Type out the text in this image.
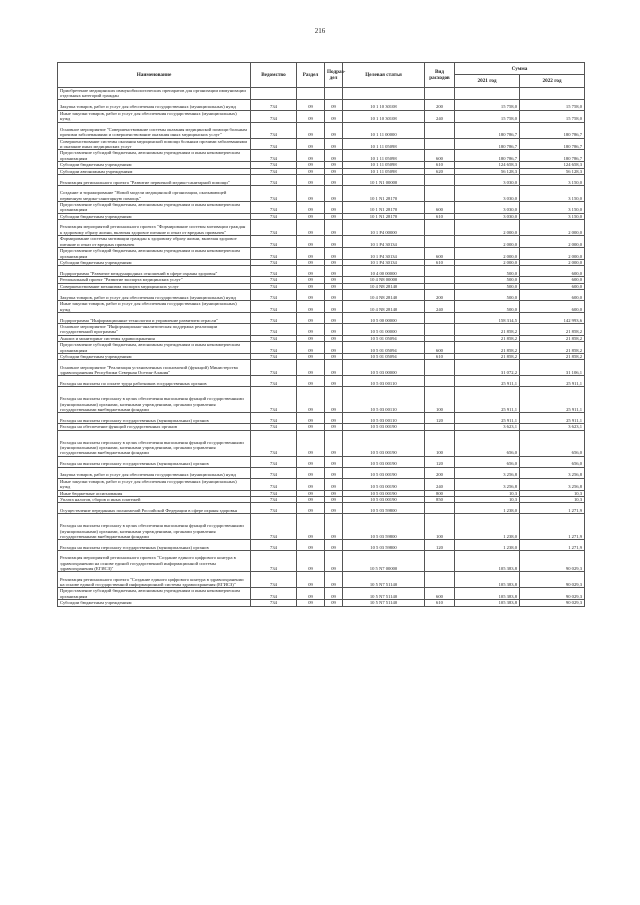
216
Наименование	Ведомство	Раздел	Подраз-дел	Целевая статья	Вид расходов	Сумма	
						2021 год	2022 год
Приобретение медицинских иммунобиологических препаратов для организации иммунизации отдельных категорий граждан							
Закупка товаров, работ и услуг для обеспечения государственных (муниципальных) нужд	734	09	09	10 1 10 30108	200	15 758,0	15 758,0
Иные закупки товаров, работ и услуг для обеспечения государственных (муниципальных) нужд	734	09	09	10 1 10 30108	240	15 758,0	15 758,0
Основное мероприятие "Совершенствование системы оказания медицинской помощи больным прочими заболеваниями и совершенствование оказания иных медицинских услуг"	734	09	09	10 1 11 00000		180 786,7	180 786,7
Совершенствование системы оказания медицинской помощи больным прочими заболеваниями и оказание иных медицинских услуг	734	09	09	10 1 11 05098		180 786,7	180 786,7
Предоставление субсидий бюджетным, автономным учреждениям и иным некоммерческим организациям	734	09	09	10 1 11 05098	600	180 786,7	180 786,7
Субсидии бюджетным учреждениям	734	09	09	10 1 11 05098	610	124 658,3	124 658,3
Субсидии автономным учреждениям	734	09	09	10 1 11 05098	620	56 128,3	56 128,3
Реализация регионального проекта "Развитие первичной медико-санитарной помощи"	734	09	09	10 1 N1 00000		3 030,0	3 150,0
Создание и тиражирование "Новой модели медицинской организации, оказывающей первичную медико-санитарную помощь"	734	09	09	10 1 N1 28170		3 030,0	3 150,0
Предоставление субсидий бюджетным, автономным учреждениям и иным некоммерческим организациям	734	09	09	10 1 N1 28170	600	3 030,0	3 150,0
Субсидии бюджетным учреждениям	734	09	09	10 1 N1 28170	610	3 030,0	3 150,0
Реализация мероприятий регионального проекта "Формирование системы мотивации граждан к здоровому образу жизни, включая здоровое питание и отказ от вредных привычек"	734	09	09	10 1 P4 00000		2 000,0	2 000,0
Формирование системы мотивации граждан к здоровому образу жизни, включая здоровое питание и отказ от вредных привычек	734	09	09	10 1 P4 30134		2 000,0	2 000,0
Предоставление субсидий бюджетным, автономным учреждениям и иным некоммерческим организациям	734	09	09	10 1 P4 30134	600	2 000,0	2 000,0
Субсидии бюджетным учреждениям	734	09	09	10 1 P4 30134	610	2 000,0	2 000,0
Подпрограмма "Развитие международных отношений в сфере охраны здоровья"	734	09	09	10 4 00 00000		500,0	600,0
Региональный проект "Развитие экспорта медицинских услуг"	734	09	09	10 4 N8 00000		500,0	600,0
Совершенствование механизма экспорта медицинских услуг	734	09	09	10 4 N8 28140		500,0	600,0
Закупка товаров, работ и услуг для обеспечения государственных (муниципальных) нужд	734	09	09	10 4 N8 28140	200	500,0	600,0
Иные закупки товаров, работ и услуг для обеспечения государственных (муниципальных) нужд	734	09	09	10 4 N8 28140	240	500,0	600,0
Подпрограмма "Информационные технологии и управление развитием отрасли"	734	09	09	10 5 00 00000		158 314,5	142 993,6
Основное мероприятие "Информационно-аналитическая поддержка реализации государственной программы"	734	09	09	10 5 01 00000		21 858,2	21 858,2
Анализ и мониторинг системы здравоохранения	734	09	09	10 5 01 05094		21 858,2	21 858,2
Предоставление субсидий бюджетным, автономным учреждениям и иным некоммерческим организациям	734	09	09	10 5 01 05094	600	21 858,2	21 858,2
Субсидии бюджетным учреждениям	734	09	09	10 5 01 05094	610	21 858,2	21 858,2
Основное мероприятие "Реализация установленных полномочий (функций) Министерства здравоохранения Республики Северная Осетия-Алания"	734	09	09	10 5 03 00000		31 072,2	31 106,1
Расходы на выплаты по оплате труда работников государственных органов	734	09	09	10 5 03 00110		25 911,1	25 911,1
Расходы на выплаты персоналу в целях обеспечения выполнения функций государственными (муниципальными) органами, казенными учреждениями, органами управления государственными внебюджетными фондами	734	09	09	10 5 03 00110	100	25 911,1	25 911,1
Расходы на выплаты персоналу государственных (муниципальных) органов	734	09	09	10 5 03 00110	120	25 911,1	25 911,1
Расходы на обеспечение функций государственных органов	734	09	09	10 5 03 00190		3 623,1	3 623,1
Расходы на выплаты персоналу в целях обеспечения выполнения функций государственными (муниципальными) органами, казенными учреждениями, органами управления государственными внебюджетными фондами	734	09	09	10 5 03 00190	100	656,0	656,0
Расходы на выплаты персоналу государственных (муниципальных) органов	734	09	09	10 5 03 00190	120	656,0	656,0
Закупка товаров, работ и услуг для обеспечения государственных (муниципальных) нужд	734	09	09	10 5 03 00190	200	3 256,8	3 256,8
Иные закупки товаров, работ и услуг для обеспечения государственных (муниципальных) нужд	734	09	09	10 5 03 00190	240	3 256,8	3 256,8
Иные бюджетные ассигнования	734	09	09	10 5 03 00190	800	10,3	10,3
Уплата налогов, сборов и иных платежей	734	09	09	10 5 03 00190	850	10,3	10,3
Осуществление переданных полномочий Российской Федерации в сфере охраны здоровья	734	09	09	10 5 03 59800		1 238,0	1 271,9
Расходы на выплаты персоналу в целях обеспечения выполнения функций государственными (муниципальными) органами, казенными учреждениями, органами управления государственными внебюджетными фондами	734	09	09	10 5 03 59800	100	1 238,0	1 271,9
Расходы на выплаты персоналу государственных (муниципальных) органов	734	09	09	10 5 03 59800	120	1 238,0	1 271,9
Реализация мероприятий регионального проекта "Создание единого цифрового контура в здравоохранении на основе единой государственной информационной системы здравоохранения (ЕГИСЗ)"	734	09	09	10 5 N7 00000		105 383,8	90 029,3
Реализация регионального проекта "Создание единого цифрового контура в здравоохранении на основе единой государственной информационной системы здравоохранения (ЕГИСЗ)"	734	09	09	10 5 N7 51140		105 383,8	90 029,3
Предоставление субсидий бюджетным, автономным учреждениям и иным некоммерческим организациям	734	09	09	10 5 N7 51140	600	105 383,8	90 029,3
Субсидии бюджетным учреждениям	734	09	09	10 5 N7 51140	610	105 383,8	90 029,3
